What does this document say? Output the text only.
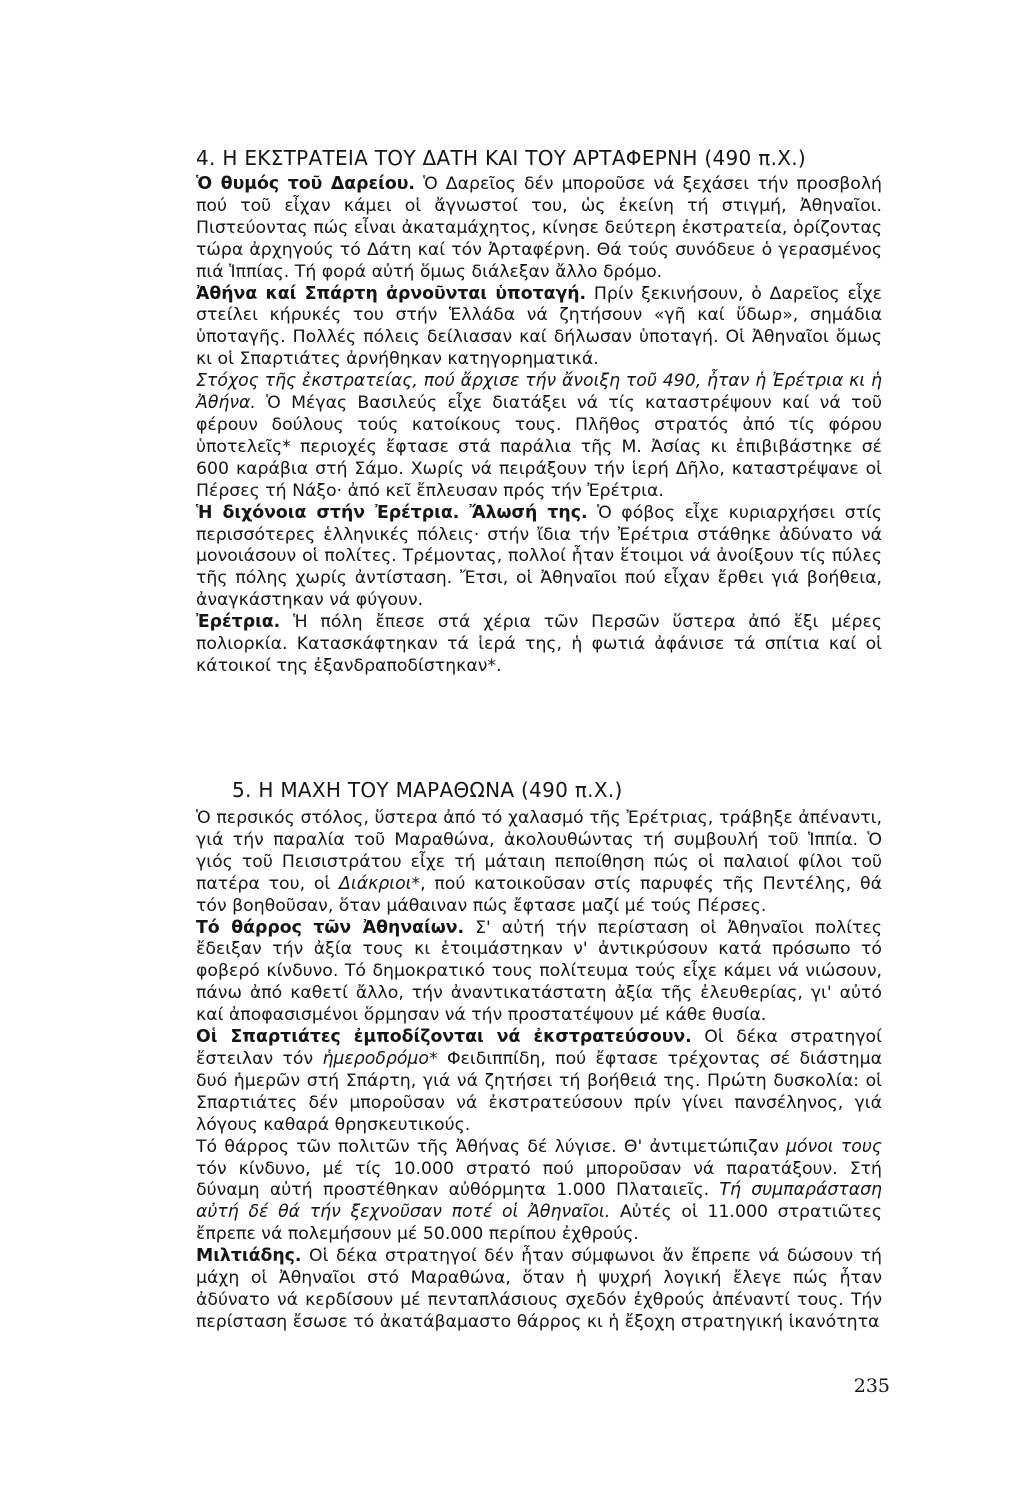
4. Η ΕΚΣΤΡΑΤΕΙΑ ΤΟΥ ΔΑΤΗ ΚΑΙ ΤΟΥ ΑΡΤΑΦΕΡΝΗ (490 π.Χ.)

Ὁ θυμός τοῦ Δαρείου. Ὁ Δαρεῖος δέν μποροῦσε νά ξεχάσει τήν προσβολή πού τοῦ εἶχαν κάμει οἱ ἄγνωστοί του, ὡς ἐκείνη τή στιγμή, Ἀθηναῖοι. Πιστεύοντας πώς εἶναι ἀκαταμάχητος, κίνησε δεύτερη ἐκστρατεία, ὁρίζοντας τώρα ἀρχηγούς τό Δάτη καί τόν Ἀρταφέρνη. Θά τούς συνόδευε ὁ γερασμένος πιά Ἱππίας. Τή φορά αὐτή ὅμως διάλεξαν ἄλλο δρόμο.

Ἀθήνα καί Σπάρτη ἀρνοῦνται ὑποταγή. Πρίν ξεκινήσουν, ὁ Δαρεῖος εἶχε στείλει κήρυκές του στήν Ἑλλάδα νά ζητήσουν «γῆ καί ὕδωρ», σημάδια ὑποταγῆς. Πολλές πόλεις δείλιασαν καί δήλωσαν ὑποταγή. Οἱ Ἀθηναῖοι ὅμως κι οἱ Σπαρτιάτες ἀρνήθηκαν κατηγορηματικά.

Στόχος τῆς ἐκστρατείας, πού ἄρχισε τήν ἄνοιξη τοῦ 490, ἦταν ἡ Ἐρέτρια κι ἡ Ἀθήνα. Ὁ Μέγας Βασιλεύς εἶχε διατάξει νά τίς καταστρέψουν καί νά τοῦ φέρουν δούλους τούς κατοίκους τους. Πλῆθος στρατός ἀπό τίς φόρου ὑποτελεῖς* περιοχές ἔφτασε στά παράλια τῆς Μ. Ἀσίας κι ἐπιβιβάστηκε σέ 600 καράβια στή Σάμο. Χωρίς νά πειράξουν τήν ἱερή Δῆλο, καταστρέψανε οἱ Πέρσες τή Νάξο· ἀπό κεῖ ἔπλευσαν πρός τήν Ἐρέτρια.

Ἡ διχόνοια στήν Ἐρέτρια. Ἄλωσή της. Ὁ φόβος εἶχε κυριαρχήσει στίς περισσότερες ἑλληνικές πόλεις· στήν ἴδια τήν Ἐρέτρια στάθηκε ἀδύνατο νά μονοιάσουν οἱ πολίτες. Τρέμοντας, πολλοί ἦταν ἕτοιμοι νά ἀνοίξουν τίς πύλες τῆς πόλης χωρίς ἀντίσταση. Ἔτσι, οἱ Ἀθηναῖοι πού εἶχαν ἔρθει γιά βοήθεια, ἀναγκάστηκαν νά φύγουν.

Ἐρέτρια. Ἡ πόλη ἔπεσε στά χέρια τῶν Περσῶν ὕστερα ἀπό ἕξι μέρες πολιορκία. Κατασκάφτηκαν τά ἱερά της, ἡ φωτιά ἀφάνισε τά σπίτια καί οἱ κάτοικοί της ἐξανδραποδίστηκαν*.

5. Η ΜΑΧΗ ΤΟΥ ΜΑΡΑΘΩΝΑ (490 π.Χ.)

Ὁ περσικός στόλος, ὕστερα ἀπό τό χαλασμό τῆς Ἐρέτριας, τράβηξε ἀπέναντι, γιά τήν παραλία τοῦ Μαραθώνα, ἀκολουθώντας τή συμβουλή τοῦ Ἱππία. Ὁ γιός τοῦ Πεισιστράτου εἶχε τή μάταιη πεποίθηση πώς οἱ παλαιοί φίλοι τοῦ πατέρα του, οἱ Διάκριοι*, πού κατοικοῦσαν στίς παρυφές τῆς Πεντέλης, θά τόν βοηθοῦσαν, ὅταν μάθαιναν πώς ἔφτασε μαζί μέ τούς Πέρσες.

Τό θάρρος τῶν Ἀθηναίων. Σ' αὐτή τήν περίσταση οἱ Ἀθηναῖοι πολίτες ἔδειξαν τήν ἀξία τους κι ἑτοιμάστηκαν ν' ἀντικρύσουν κατά πρόσωπο τό φοβερό κίνδυνο. Τό δημοκρατικό τους πολίτευμα τούς εἶχε κάμει νά νιώσουν, πάνω ἀπό καθετί ἄλλο, τήν ἀναντικατάστατη ἀξία τῆς ἐλευθερίας, γι' αὐτό καί ἀποφασισμένοι ὅρμησαν νά τήν προστατέψουν μέ κάθε θυσία.

Οἱ Σπαρτιάτες ἐμποδίζονται νά ἐκστρατεύσουν. Οἱ δέκα στρατηγοί ἔστειλαν τόν ἡμεροδρόμο* Φειδιππίδη, πού ἔφτασε τρέχοντας σέ διάστημα δυό ἡμερῶν στή Σπάρτη, γιά νά ζητήσει τή βοήθειά της. Πρώτη δυσκολία: οἱ Σπαρτιάτες δέν μποροῦσαν νά ἐκστρατεύσουν πρίν γίνει πανσέληνος, γιά λόγους καθαρά θρησκευτικούς.

Τό θάρρος τῶν πολιτῶν τῆς Ἀθήνας δέ λύγισε. Θ' ἀντιμετώπιζαν μόνοι τους τόν κίνδυνο, μέ τίς 10.000 στρατό πού μποροῦσαν νά παρατάξουν. Στή δύναμη αὐτή προστέθηκαν αὐθόρμητα 1.000 Πλαταιεῖς. Τή συμπαράσταση αὐτή δέ θά τήν ξεχνοῦσαν ποτέ οἱ Ἀθηναῖοι. Αὐτές οἱ 11.000 στρατιῶτες ἔπρεπε νά πολεμήσουν μέ 50.000 περίπου ἐχθρούς.

Μιλτιάδης. Οἱ δέκα στρατηγοί δέν ἦταν σύμφωνοι ἄν ἔπρεπε νά δώσουν τή μάχη οἱ Ἀθηναῖοι στό Μαραθώνα, ὅταν ἡ ψυχρή λογική ἔλεγε πώς ἦταν ἀδύνατο νά κερδίσουν μέ πενταπλάσιους σχεδόν ἐχθρούς ἀπέναντί τους. Τήν περίσταση ἔσωσε τό ἀκατάβαμαστο θάρρος κι ἡ ἔξοχη στρατηγική ἱκανότητα

235
